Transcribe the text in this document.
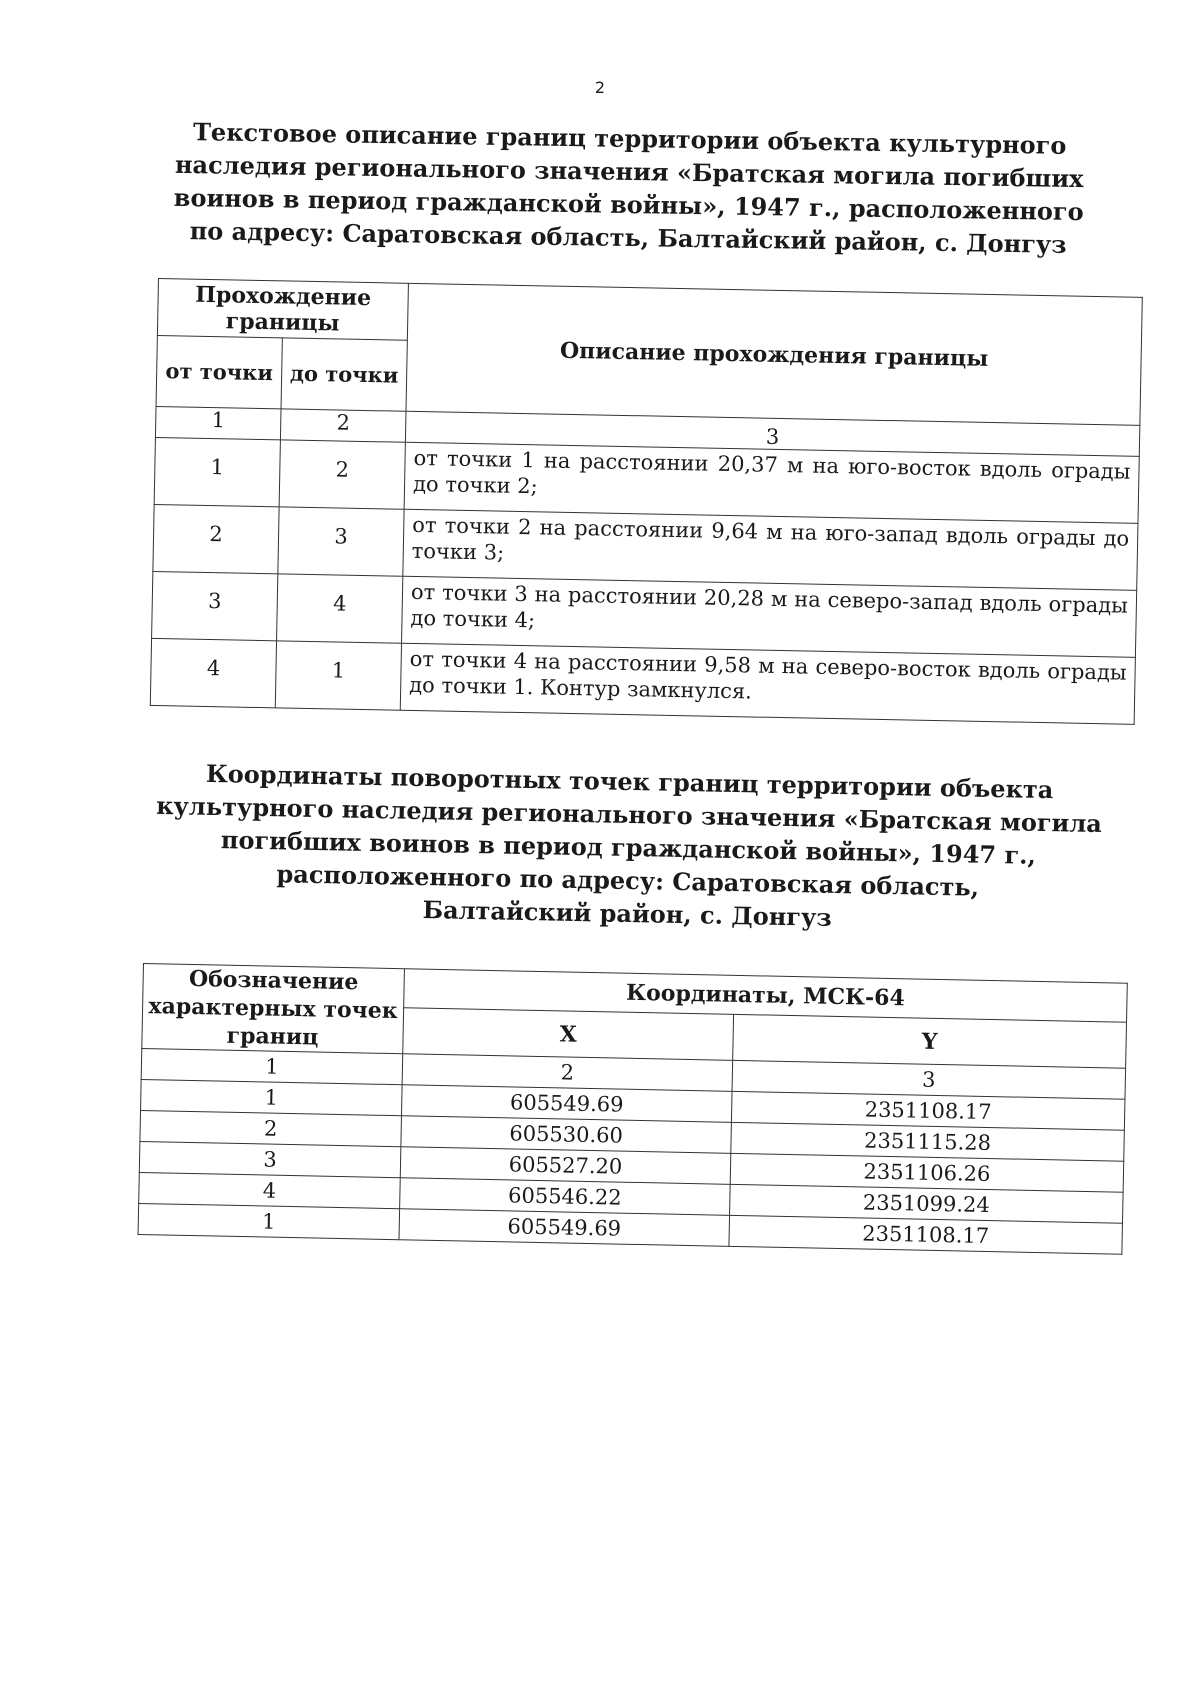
2
Текстовое описание границ территории объекта культурного
наследия регионального значения «Братская могила погибших
воинов в период гражданской войны», 1947 г., расположенного
по адресу: Саратовская область, Балтайский район, с. Донгуз
Прохождение границы		Описание прохождения границы
от точки	до точки	
1	2	3
1	2	от точки 1 на расстоянии 20,37 м на юго-восток вдоль ограды до точки 2;
2	3	от точки 2 на расстоянии 9,64 м на юго-запад вдоль ограды до точки 3;
3	4	от точки 3 на расстоянии 20,28 м на северо-запад вдоль ограды до точки 4;
4	1	от точки 4 на расстоянии 9,58 м на северо-восток вдоль ограды до точки 1. Контур замкнулся.
Координаты поворотных точек границ территории объекта
культурного наследия регионального значения «Братская могила
погибших воинов в период гражданской войны», 1947 г.,
расположенного по адресу: Саратовская область,
Балтайский район, с. Донгуз
Обозначение характерных точек границ	Координаты, МСК-64	
	X	Y
1	2	3
1	605549.69	2351108.17
2	605530.60	2351115.28
3	605527.20	2351106.26
4	605546.22	2351099.24
1	605549.69	2351108.17
